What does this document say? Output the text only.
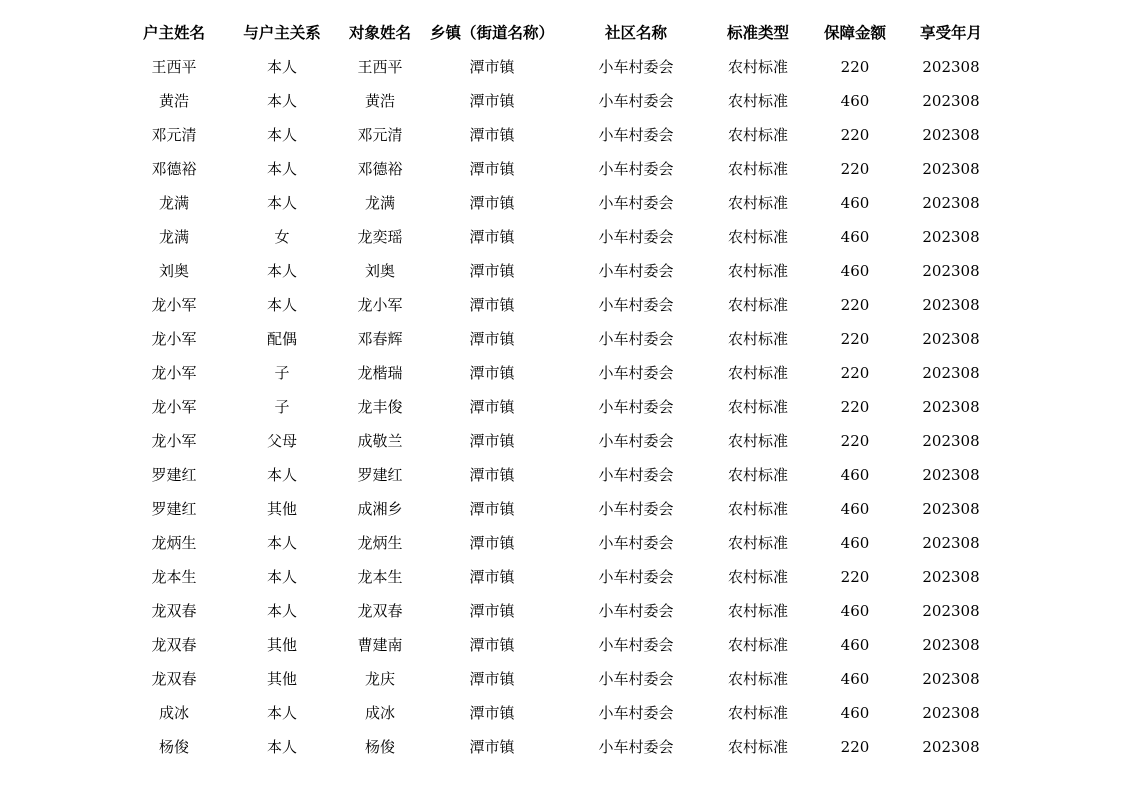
户主姓名	与户主关系	对象姓名	乡镇（街道名称）	社区名称	标准类型	保障金额	享受年月
王西平	本人	王西平	潭市镇	小车村委会	农村标准	220	202308
黄浩	本人	黄浩	潭市镇	小车村委会	农村标准	460	202308
邓元清	本人	邓元清	潭市镇	小车村委会	农村标准	220	202308
邓德裕	本人	邓德裕	潭市镇	小车村委会	农村标准	220	202308
龙满	本人	龙满	潭市镇	小车村委会	农村标准	460	202308
龙满	女	龙奕瑶	潭市镇	小车村委会	农村标准	460	202308
刘奥	本人	刘奥	潭市镇	小车村委会	农村标准	460	202308
龙小军	本人	龙小军	潭市镇	小车村委会	农村标准	220	202308
龙小军	配偶	邓春辉	潭市镇	小车村委会	农村标准	220	202308
龙小军	子	龙楷瑞	潭市镇	小车村委会	农村标准	220	202308
龙小军	子	龙丰俊	潭市镇	小车村委会	农村标准	220	202308
龙小军	父母	成敬兰	潭市镇	小车村委会	农村标准	220	202308
罗建红	本人	罗建红	潭市镇	小车村委会	农村标准	460	202308
罗建红	其他	成湘乡	潭市镇	小车村委会	农村标准	460	202308
龙炳生	本人	龙炳生	潭市镇	小车村委会	农村标准	460	202308
龙本生	本人	龙本生	潭市镇	小车村委会	农村标准	220	202308
龙双春	本人	龙双春	潭市镇	小车村委会	农村标准	460	202308
龙双春	其他	曹建南	潭市镇	小车村委会	农村标准	460	202308
龙双春	其他	龙庆	潭市镇	小车村委会	农村标准	460	202308
成冰	本人	成冰	潭市镇	小车村委会	农村标准	460	202308
杨俊	本人	杨俊	潭市镇	小车村委会	农村标准	220	202308
